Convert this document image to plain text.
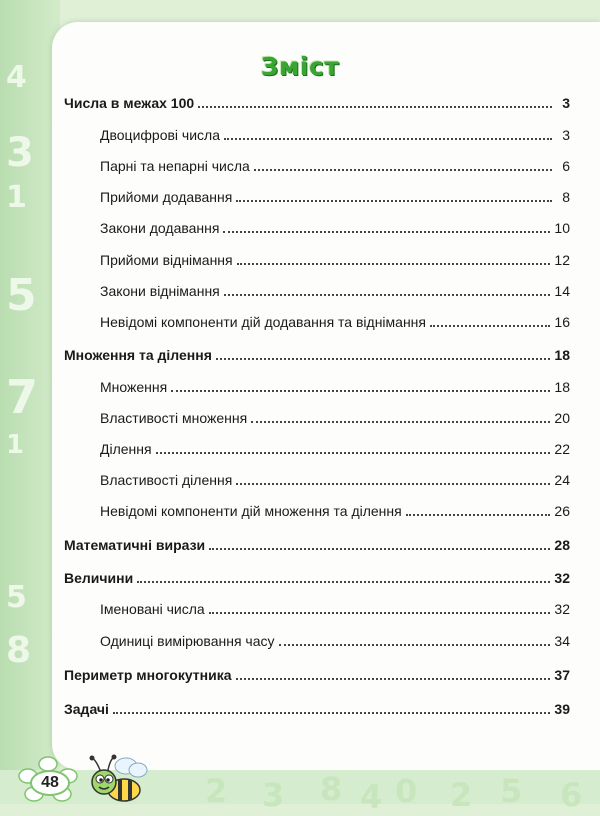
4
3
1
5
7
1
5
8
Зміст
Числа в межах 100	3
Двоцифрові числа	3
Парні та непарні числа	6
Прийоми додавання	8
Закони додавання	10
Прийоми віднімання	12
Закони віднімання	14
Невідомі компоненти дій додавання та віднімання	16
Множення та ділення	18
Множення	18
Властивості множення	20
Ділення	22
Властивості ділення	24
Невідомі компоненти дій множення та ділення	26
Математичні вирази	28
Величини	32
Іменовані числа	32
Одиниці вимірювання часу	34
Периметр многокутника	37
Задачі	39
2 3 8 4 0 2 5 6
48
